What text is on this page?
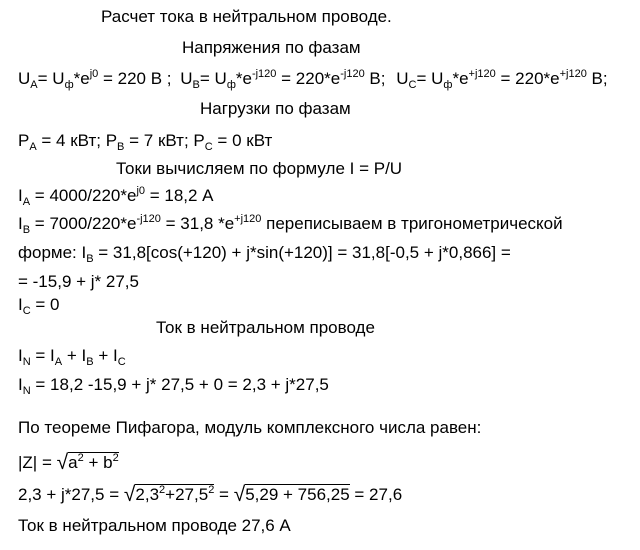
Расчет тока в нейтральном проводе.
Напряжения по фазам
$U_A= U_ф*e^{j0} = 220$ В ; $U_B= U_ф*e^{-j120} = 220*e^{-j120}$ В; $U_C= U_ф*e^{+j120} = 220*e^{+j120}$ В;
Нагрузки по фазам
$P_A = 4$ кВт; $P_B = 7$ кВт; $P_C = 0$ кВт
Токи вычисляем по формуле I = P/U
$I_A = 4000/220*e^{j0} = 18,2$ А
$I_B = 7000/220*e^{-j120} = 31,8$ $*e^{+j120}$ переписываем в тригонометрической
форме: $I_B = 31,8[\cos(+120) + j*\sin(+120)] = 31,8[-0,5 + j*0,866]$ =
= -15,9 + j* 27,5
$I_C = 0$
Ток в нейтральном проводе
$I_N = I_A + I_B + I_C$
$I_N = 18,2$ -15,9 + j* 27,5 + 0 = 2,3 + j*27,5
По теореме Пифагора, модуль комплексного числа равен:
$|Z| = √a^2 + b^2$
$2,3 + j*27,5 = √2,3^2+27,5^2 = √5,29 + 756,25 = 27,6$
Ток в нейтральном проводе 27,6 А
